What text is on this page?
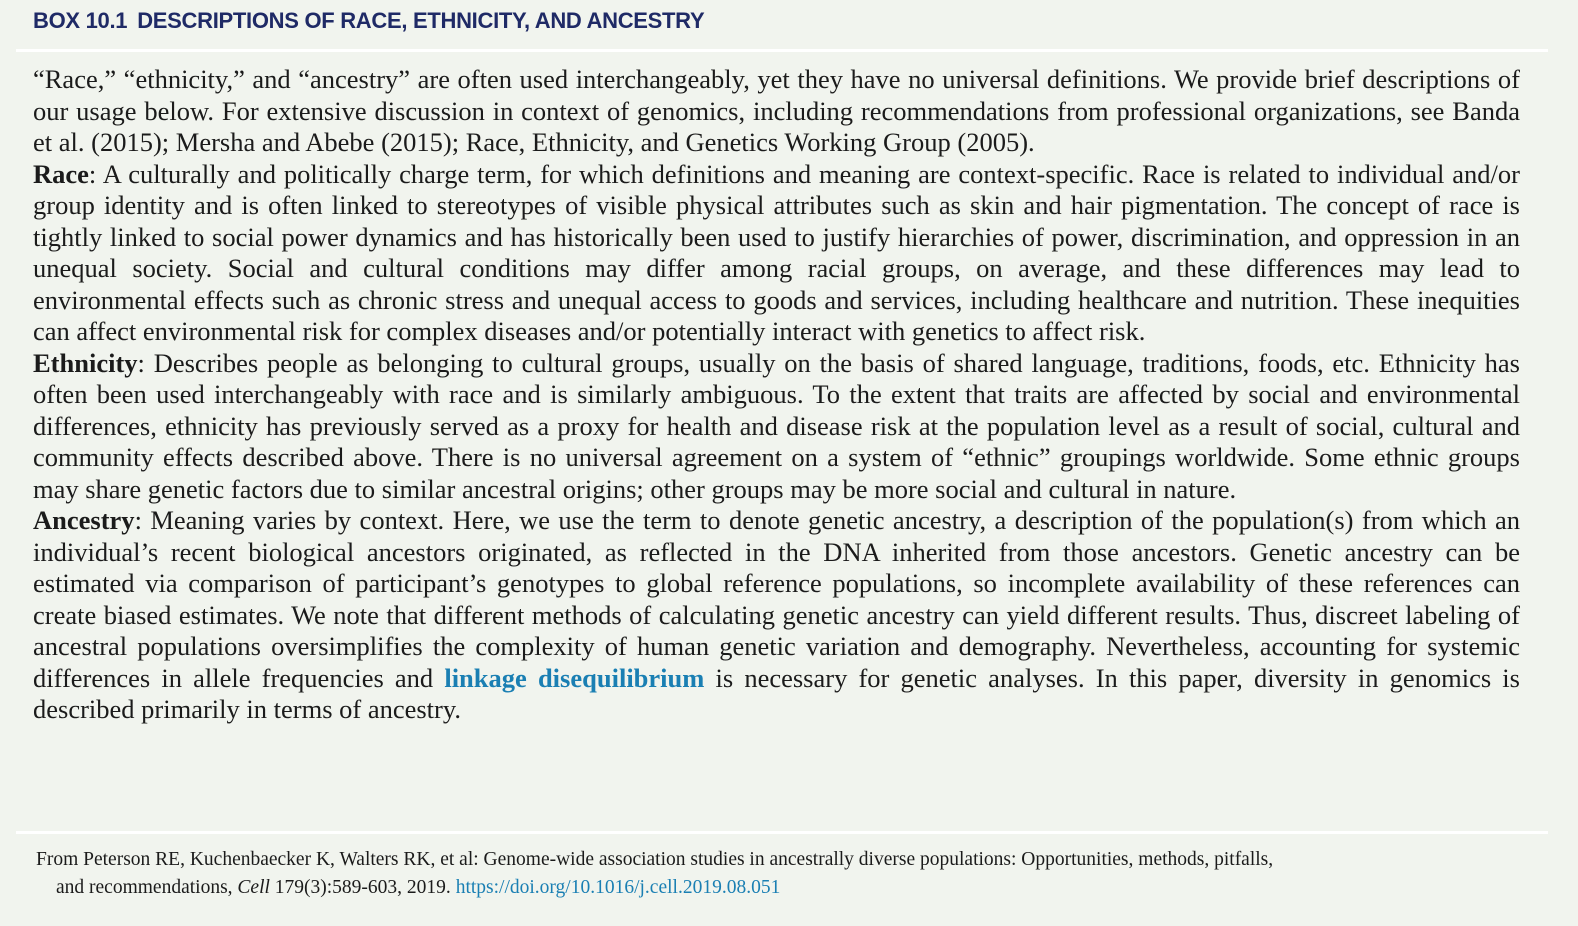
BOX 10.1 DESCRIPTIONS OF RACE, ETHNICITY, AND ANCESTRY

“Race,” “ethnicity,” and “ancestry” are often used interchangeably, yet they have no universal definitions. We provide brief descriptions of our usage below. For extensive discussion in context of genomics, including recommendations from professional organizations, see Banda et al. (2015); Mersha and Abebe (2015); Race, Ethnicity, and Genetics Working Group (2005).

Race: A culturally and politically charge term, for which definitions and meaning are context-specific. Race is related to individual and/or group identity and is often linked to stereotypes of visible physical attributes such as skin and hair pigmentation. The concept of race is tightly linked to social power dynamics and has historically been used to justify hierarchies of power, discrimination, and oppression in an unequal society. Social and cultural conditions may differ among racial groups, on average, and these differences may lead to environmental effects such as chronic stress and unequal access to goods and services, including healthcare and nutrition. These inequities can affect environmental risk for complex diseases and/or potentially interact with genetics to affect risk.

Ethnicity: Describes people as belonging to cultural groups, usually on the basis of shared language, traditions, foods, etc. Ethnicity has often been used interchangeably with race and is similarly ambiguous. To the extent that traits are affected by social and environmental differences, ethnicity has previously served as a proxy for health and disease risk at the population level as a result of social, cultural and community effects described above. There is no universal agreement on a system of “ethnic” groupings worldwide. Some ethnic groups may share genetic factors due to similar ancestral origins; other groups may be more social and cultural in nature.

Ancestry: Meaning varies by context. Here, we use the term to denote genetic ancestry, a description of the population(s) from which an individual’s recent biological ancestors originated, as reflected in the DNA inherited from those ancestors. Genetic ancestry can be estimated via comparison of participant’s genotypes to global reference populations, so incomplete availability of these references can create biased estimates. We note that different methods of calculating genetic ancestry can yield different results. Thus, discreet labeling of ancestral populations oversimplifies the complexity of human genetic variation and demography. Nevertheless, accounting for systemic differences in allele frequencies and linkage disequilibrium is necessary for genetic analyses. In this paper, diversity in genomics is described primarily in terms of ancestry.

From Peterson RE, Kuchenbaecker K, Walters RK, et al: Genome-wide association studies in ancestrally diverse populations: Opportunities, methods, pitfalls,
and recommendations, Cell 179(3):589-603, 2019. https://doi.org/10.1016/j.cell.2019.08.051
